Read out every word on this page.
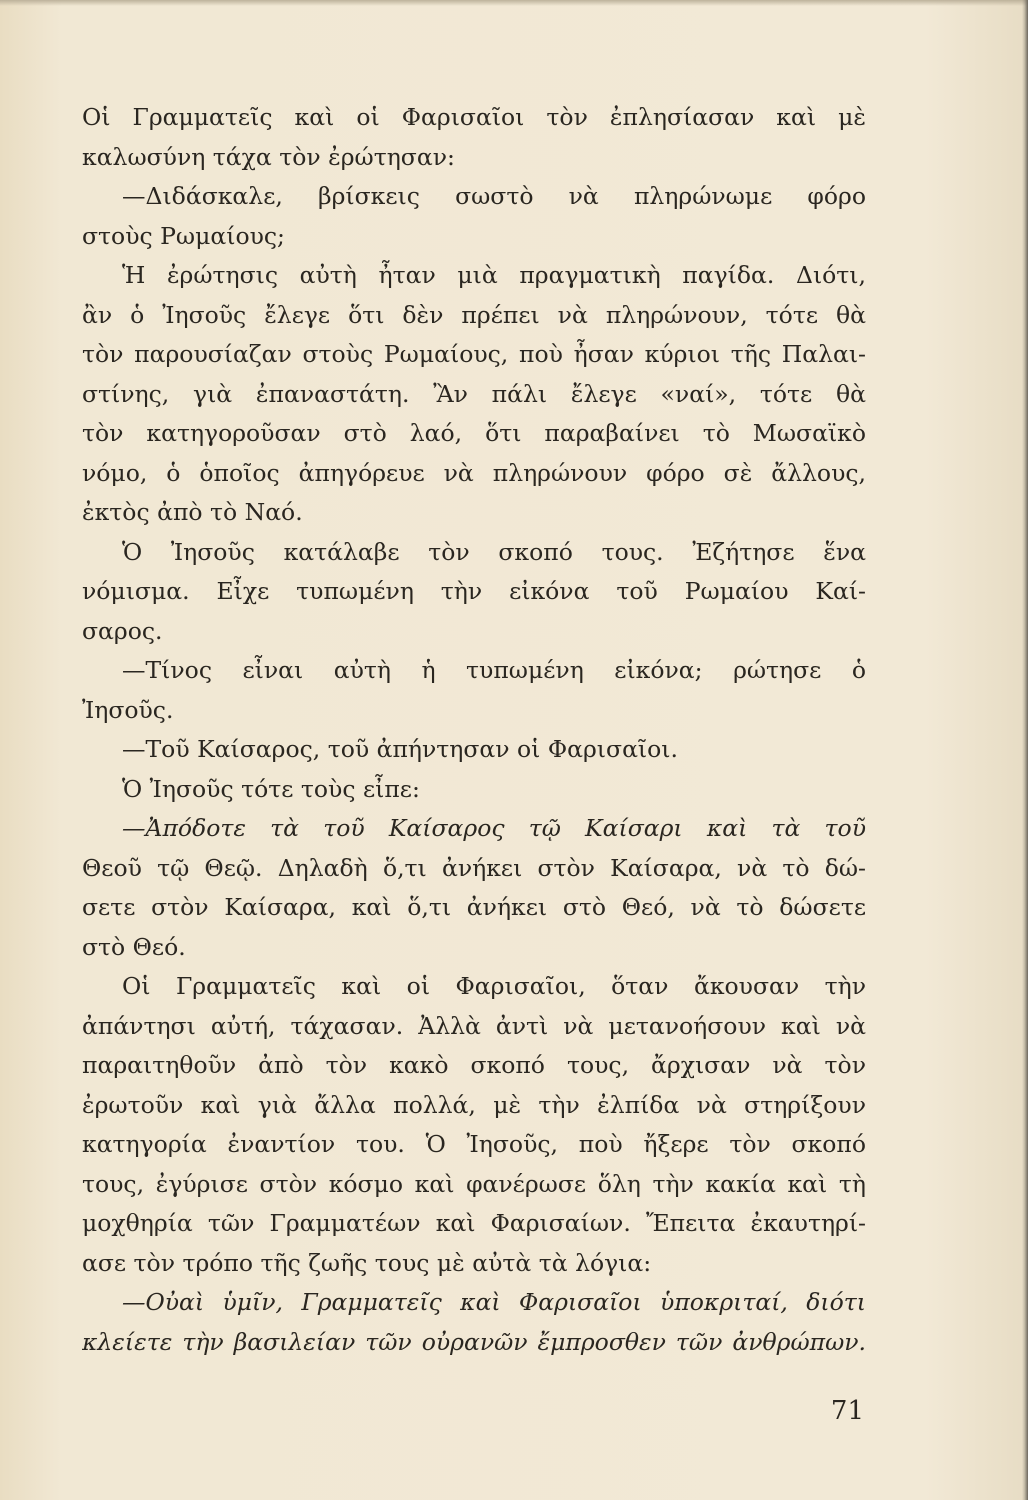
Οἱ Γραμματεῖς καὶ οἱ Φαρισαῖοι τὸν ἐπλησίασαν καὶ μὲ
καλωσύνη τάχα τὸν ἐρώτησαν:
—Διδάσκαλε, βρίσκεις σωστὸ νὰ πληρώνωμε φόρο
στοὺς Ρωμαίους;
Ἡ ἐρώτησις αὐτὴ ἦταν μιὰ πραγματικὴ παγίδα. Διότι,
ἂν ὁ Ἰησοῦς ἔλεγε ὅτι δὲν πρέπει νὰ πληρώνουν, τότε θὰ
τὸν παρουσίαζαν στοὺς Ρωμαίους, ποὺ ἦσαν κύριοι τῆς Παλαι-
στίνης, γιὰ ἐπαναστάτη. Ἂν πάλι ἔλεγε «ναί», τότε θὰ
τὸν κατηγοροῦσαν στὸ λαό, ὅτι παραβαίνει τὸ Μωσαϊκὸ
νόμο, ὁ ὁποῖος ἀπηγόρευε νὰ πληρώνουν φόρο σὲ ἄλλους,
ἐκτὸς ἀπὸ τὸ Ναό.
Ὁ Ἰησοῦς κατάλαβε τὸν σκοπό τους. Ἐζήτησε ἕνα
νόμισμα. Εἶχε τυπωμένη τὴν εἰκόνα τοῦ Ρωμαίου Καί-
σαρος.
—Τίνος εἶναι αὐτὴ ἡ τυπωμένη εἰκόνα; ρώτησε ὁ
Ἰησοῦς.
—Τοῦ Καίσαρος, τοῦ ἀπήντησαν οἱ Φαρισαῖοι.
Ὁ Ἰησοῦς τότε τοὺς εἶπε:
—Ἀπόδοτε τὰ τοῦ Καίσαρος τῷ Καίσαρι καὶ τὰ τοῦ
Θεοῦ τῷ Θεῷ. Δηλαδὴ ὅ,τι ἀνήκει στὸν Καίσαρα, νὰ τὸ δώ-
σετε στὸν Καίσαρα, καὶ ὅ,τι ἀνήκει στὸ Θεό, νὰ τὸ δώσετε
στὸ Θεό.
Οἱ Γραμματεῖς καὶ οἱ Φαρισαῖοι, ὅταν ἄκουσαν τὴν
ἀπάντησι αὐτή, τάχασαν. Ἀλλὰ ἀντὶ νὰ μετανοήσουν καὶ νὰ
παραιτηθοῦν ἀπὸ τὸν κακὸ σκοπό τους, ἄρχισαν νὰ τὸν
ἐρωτοῦν καὶ γιὰ ἄλλα πολλά, μὲ τὴν ἐλπίδα νὰ στηρίξουν
κατηγορία ἐναντίον του. Ὁ Ἰησοῦς, ποὺ ἤξερε τὸν σκοπό
τους, ἐγύρισε στὸν κόσμο καὶ φανέρωσε ὅλη τὴν κακία καὶ τὴ
μοχθηρία τῶν Γραμματέων καὶ Φαρισαίων. Ἔπειτα ἐκαυτηρί-
ασε τὸν τρόπο τῆς ζωῆς τους μὲ αὐτὰ τὰ λόγια:
—Οὐαὶ ὑμῖν, Γραμματεῖς καὶ Φαρισαῖοι ὑποκριταί, διότι
κλείετε τὴν βασιλείαν τῶν οὐρανῶν ἔμπροσθεν τῶν ἀνθρώπων.
71
